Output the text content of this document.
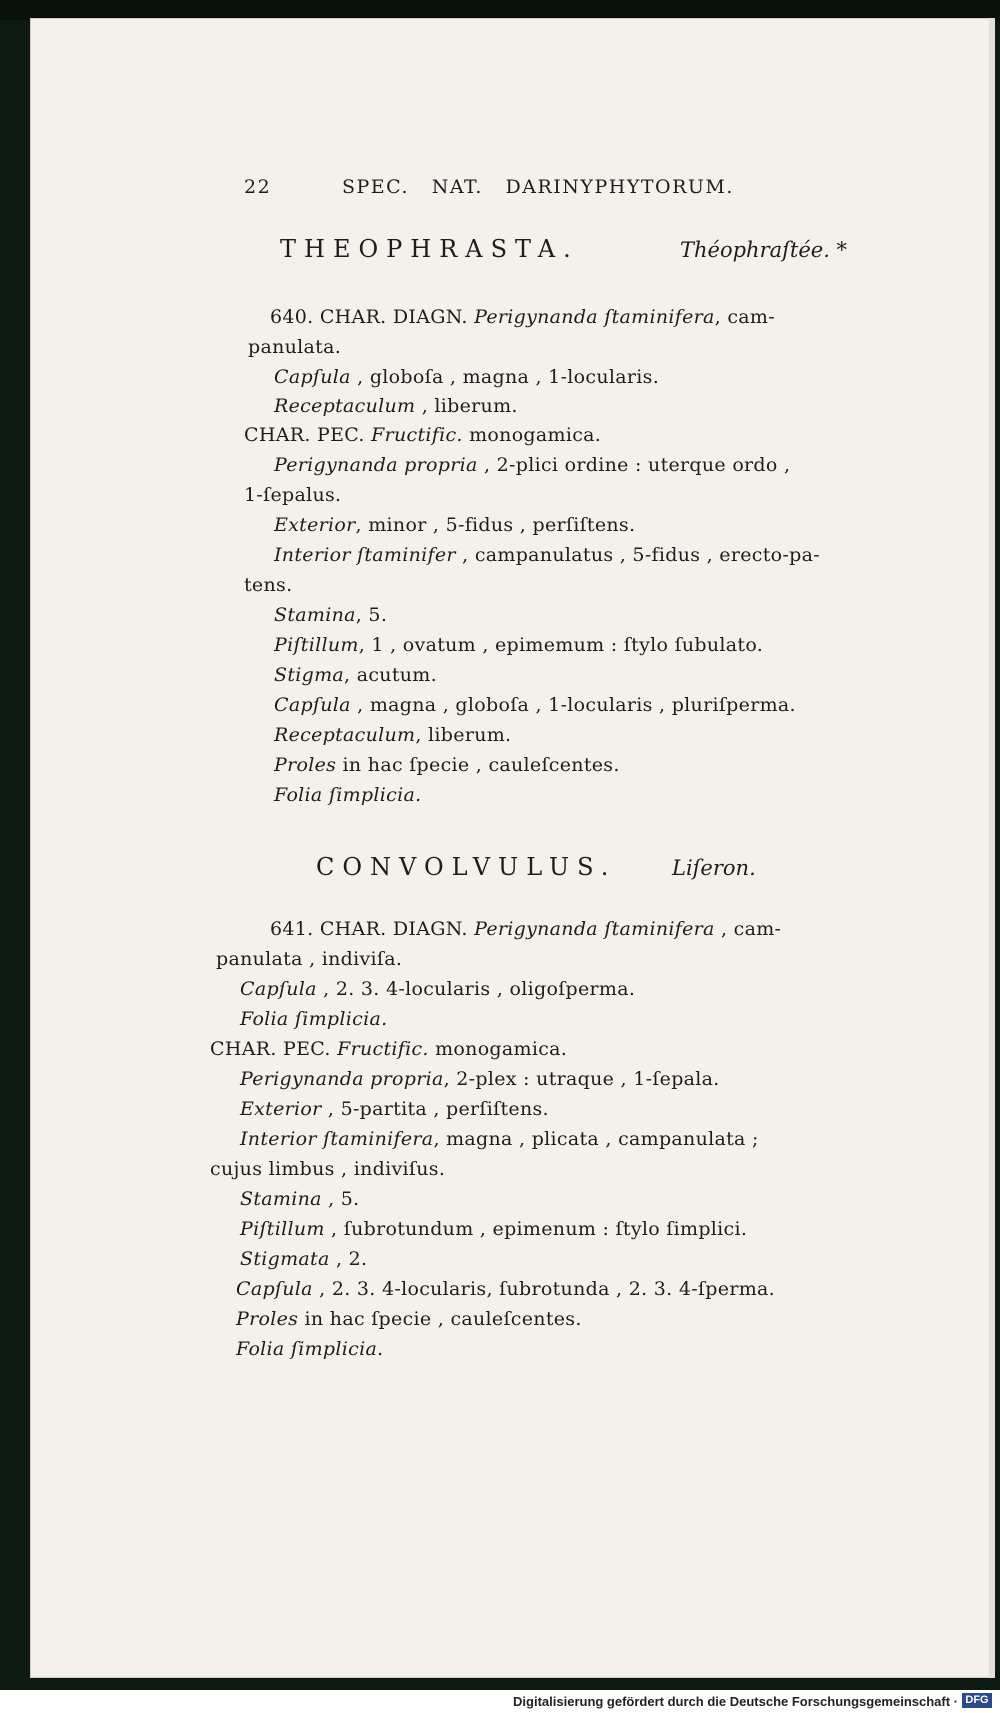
22	SPEC.   NAT.   DARINYPHYTORUM.
THEOPHRASTA.	Théophraſtée. *
640. CHAR. DIAGN. Perigynanda ſtaminifera, cam-
panulata.
Capſula , globoſa , magna , 1-locularis.
Receptaculum , liberum.
CHAR. PEC. Fructific. monogamica.
Perigynanda propria , 2-plici ordine : uterque ordo ,
1-ſepalus.
Exterior, minor , 5-fidus , perſiſtens.
Interior ſtaminifer , campanulatus , 5-fidus , erecto-pa-
tens.
Stamina, 5.
Piſtillum, 1 , ovatum , epimemum : ſtylo ſubulato.
Stigma, acutum.
Capſula , magna , globoſa , 1-locularis , pluriſperma.
Receptaculum, liberum.
Proles in hac ſpecie , cauleſcentes.
Folia ſimplicia.
CONVOLVULUS.	Liſeron.
641. CHAR. DIAGN. Perigynanda ſtaminifera , cam-
panulata , indiviſa.
Capſula , 2. 3. 4-locularis , oligoſperma.
Folia ſimplicia.
CHAR. PEC. Fructific. monogamica.
Perigynanda propria, 2-plex : utraque , 1-ſepala.
Exterior , 5-partita , perſiſtens.
Interior ſtaminifera, magna , plicata , campanulata ;
cujus limbus , indiviſus.
Stamina , 5.
Piſtillum , ſubrotundum , epimenum : ſtylo ſimplici.
Stigmata , 2.
Capſula , 2. 3. 4-locularis, ſubrotunda , 2. 3. 4-ſperma.
Proles in hac ſpecie , cauleſcentes.
Folia ſimplicia.
Digitalisierung gefördert durch die Deutsche Forschungsgemeinschaft · DFG
